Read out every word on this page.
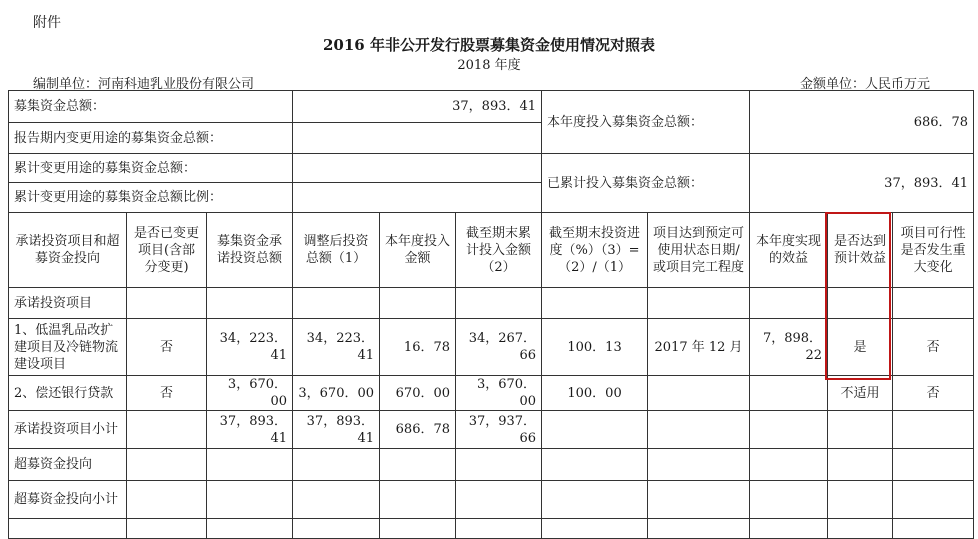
附件
2016 年非公开发行股票募集资金使用情况对照表
2018 年度
编制单位：河南科迪乳业股份有限公司	金额单位：人民币万元
募集资金总额：			37，893．41			本年度投入募集资金总额：		686．78		
报告期内变更用途的募集资金总额：										
累计变更用途的募集资金总额：						已累计投入募集资金总额：		37，893．41		
累计变更用途的募集资金总额比例：										
承诺投资项目和超募资金投向	是否已变更项目(含部分变更)	募集资金承诺投资总额	调整后投资总额（1）	本年度投入金额	截至期末累计投入金额（2）	截至期末投资进度（%）（3）=（2）/（1）	项目达到预定可使用状态日期/或项目完工程度	本年度实现的效益	是否达到预计效益	项目可行性是否发生重大变化
承诺投资项目										
1、低温乳品改扩建项目及冷链物流建设项目	否	34，223．41	34，223．41	16．78	34，267．66	100．13	2017 年 12 月	7，898．22	是	否
2、偿还银行贷款	否	3，670．00	3，670．00	670．00	3，670．00	100．00			不适用	否
承诺投资项目小计		37，893．41	37，893．41	686．78	37，937．66					
超募资金投向										
超募资金投向小计										
